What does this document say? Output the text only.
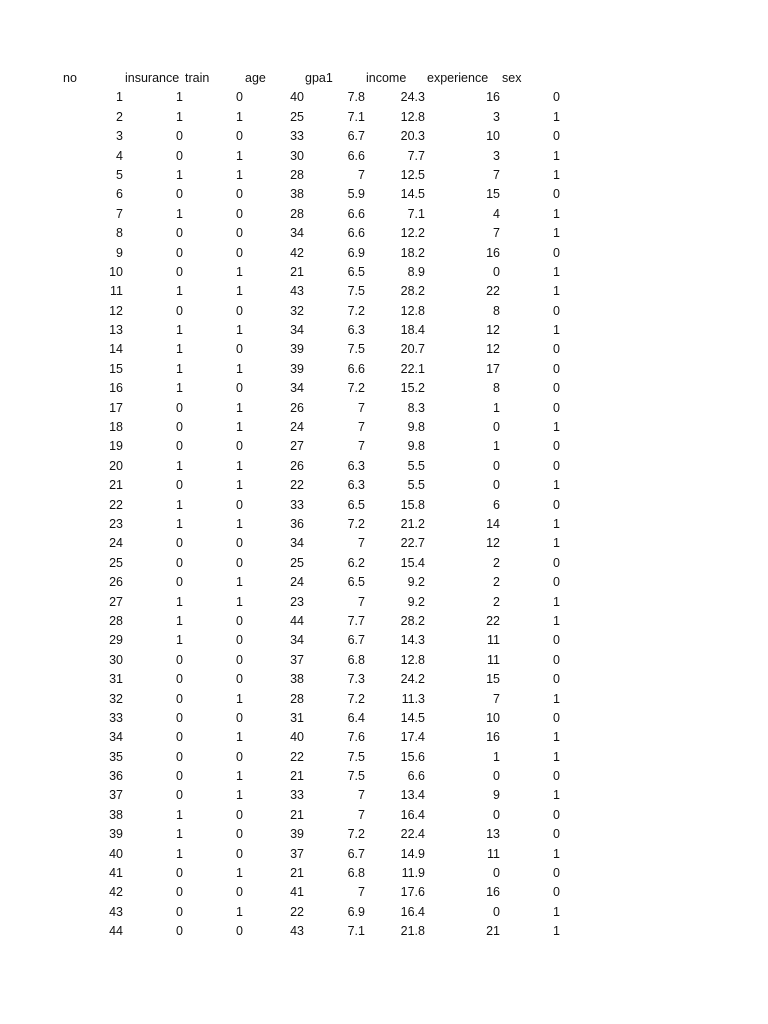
no	insurance train	age	gpa1	income experience sex
1	1	0	40	7.8	24.3	16	0
2	1	1	25	7.1	12.8	3	1
3	0	0	33	6.7	20.3	10	0
4	0	1	30	6.6	7.7	3	1
5	1	1	28	7	12.5	7	1
6	0	0	38	5.9	14.5	15	0
7	1	0	28	6.6	7.1	4	1
8	0	0	34	6.6	12.2	7	1
9	0	0	42	6.9	18.2	16	0
10	0	1	21	6.5	8.9	0	1
11	1	1	43	7.5	28.2	22	1
12	0	0	32	7.2	12.8	8	0
13	1	1	34	6.3	18.4	12	1
14	1	0	39	7.5	20.7	12	0
15	1	1	39	6.6	22.1	17	0
16	1	0	34	7.2	15.2	8	0
17	0	1	26	7	8.3	1	0
18	0	1	24	7	9.8	0	1
19	0	0	27	7	9.8	1	0
20	1	1	26	6.3	5.5	0	0
21	0	1	22	6.3	5.5	0	1
22	1	0	33	6.5	15.8	6	0
23	1	1	36	7.2	21.2	14	1
24	0	0	34	7	22.7	12	1
25	0	0	25	6.2	15.4	2	0
26	0	1	24	6.5	9.2	2	0
27	1	1	23	7	9.2	2	1
28	1	0	44	7.7	28.2	22	1
29	1	0	34	6.7	14.3	11	0
30	0	0	37	6.8	12.8	11	0
31	0	0	38	7.3	24.2	15	0
32	0	1	28	7.2	11.3	7	1
33	0	0	31	6.4	14.5	10	0
34	0	1	40	7.6	17.4	16	1
35	0	0	22	7.5	15.6	1	1
36	0	1	21	7.5	6.6	0	0
37	0	1	33	7	13.4	9	1
38	1	0	21	7	16.4	0	0
39	1	0	39	7.2	22.4	13	0
40	1	0	37	6.7	14.9	11	1
41	0	1	21	6.8	11.9	0	0
42	0	0	41	7	17.6	16	0
43	0	1	22	6.9	16.4	0	1
44	0	0	43	7.1	21.8	21	1
